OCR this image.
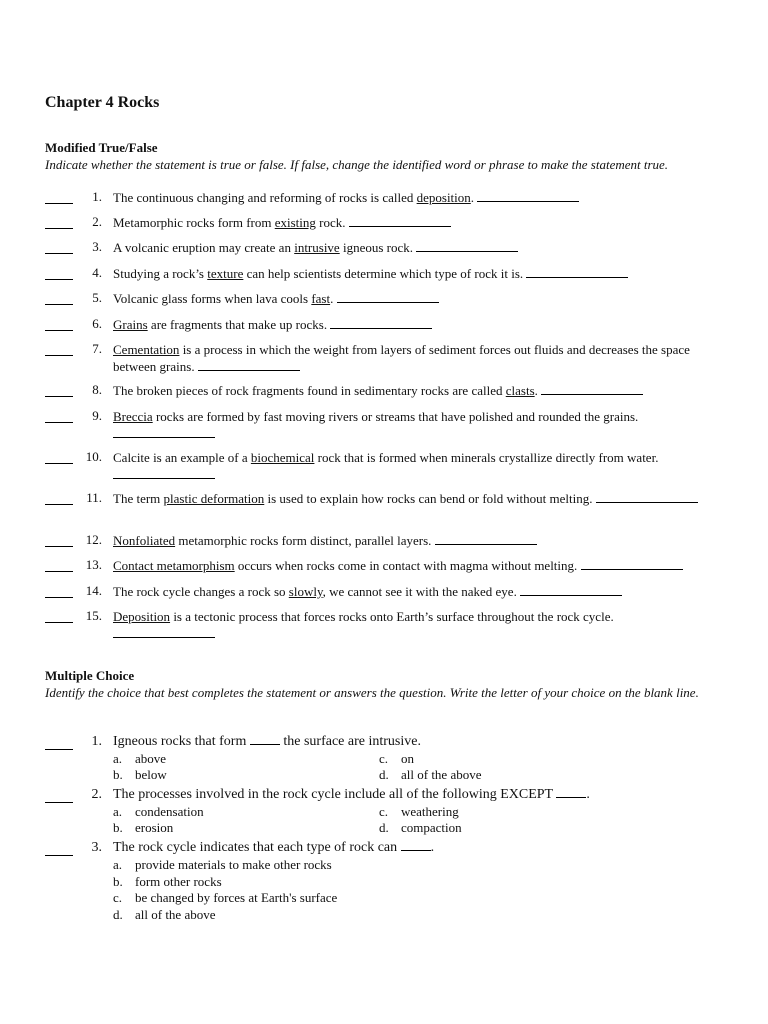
Chapter 4 Rocks
Modified True/False
Indicate whether the statement is true or false. If false, change the identified word or phrase to make the statement true.
1. The continuous changing and reforming of rocks is called deposition.
2. Metamorphic rocks form from existing rock.
3. A volcanic eruption may create an intrusive igneous rock.
4. Studying a rock’s texture can help scientists determine which type of rock it is.
5. Volcanic glass forms when lava cools fast.
6. Grains are fragments that make up rocks.
7. Cementation is a process in which the weight from layers of sediment forces out fluids and decreases the space between grains.
8. The broken pieces of rock fragments found in sedimentary rocks are called clasts.
9. Breccia rocks are formed by fast moving rivers or streams that have polished and rounded the grains.
10. Calcite is an example of a biochemical rock that is formed when minerals crystallize directly from water.
11. The term plastic deformation is used to explain how rocks can bend or fold without melting.
12. Nonfoliated metamorphic rocks form distinct, parallel layers.
13. Contact metamorphism occurs when rocks come in contact with magma without melting.
14. The rock cycle changes a rock so slowly, we cannot see it with the naked eye.
15. Deposition is a tectonic process that forces rocks onto Earth’s surface throughout the rock cycle.
Multiple Choice
Identify the choice that best completes the statement or answers the question. Write the letter of your choice on the blank line.
1. Igneous rocks that form  the surface are intrusive.
a. above
b. below
c. on
d. all of the above
2. The processes involved in the rock cycle include all of the following EXCEPT .
a. condensation
b. erosion
c. weathering
d. compaction
3. The rock cycle indicates that each type of rock can .
a. provide materials to make other rocks
b. form other rocks
c. be changed by forces at Earth's surface
d. all of the above
